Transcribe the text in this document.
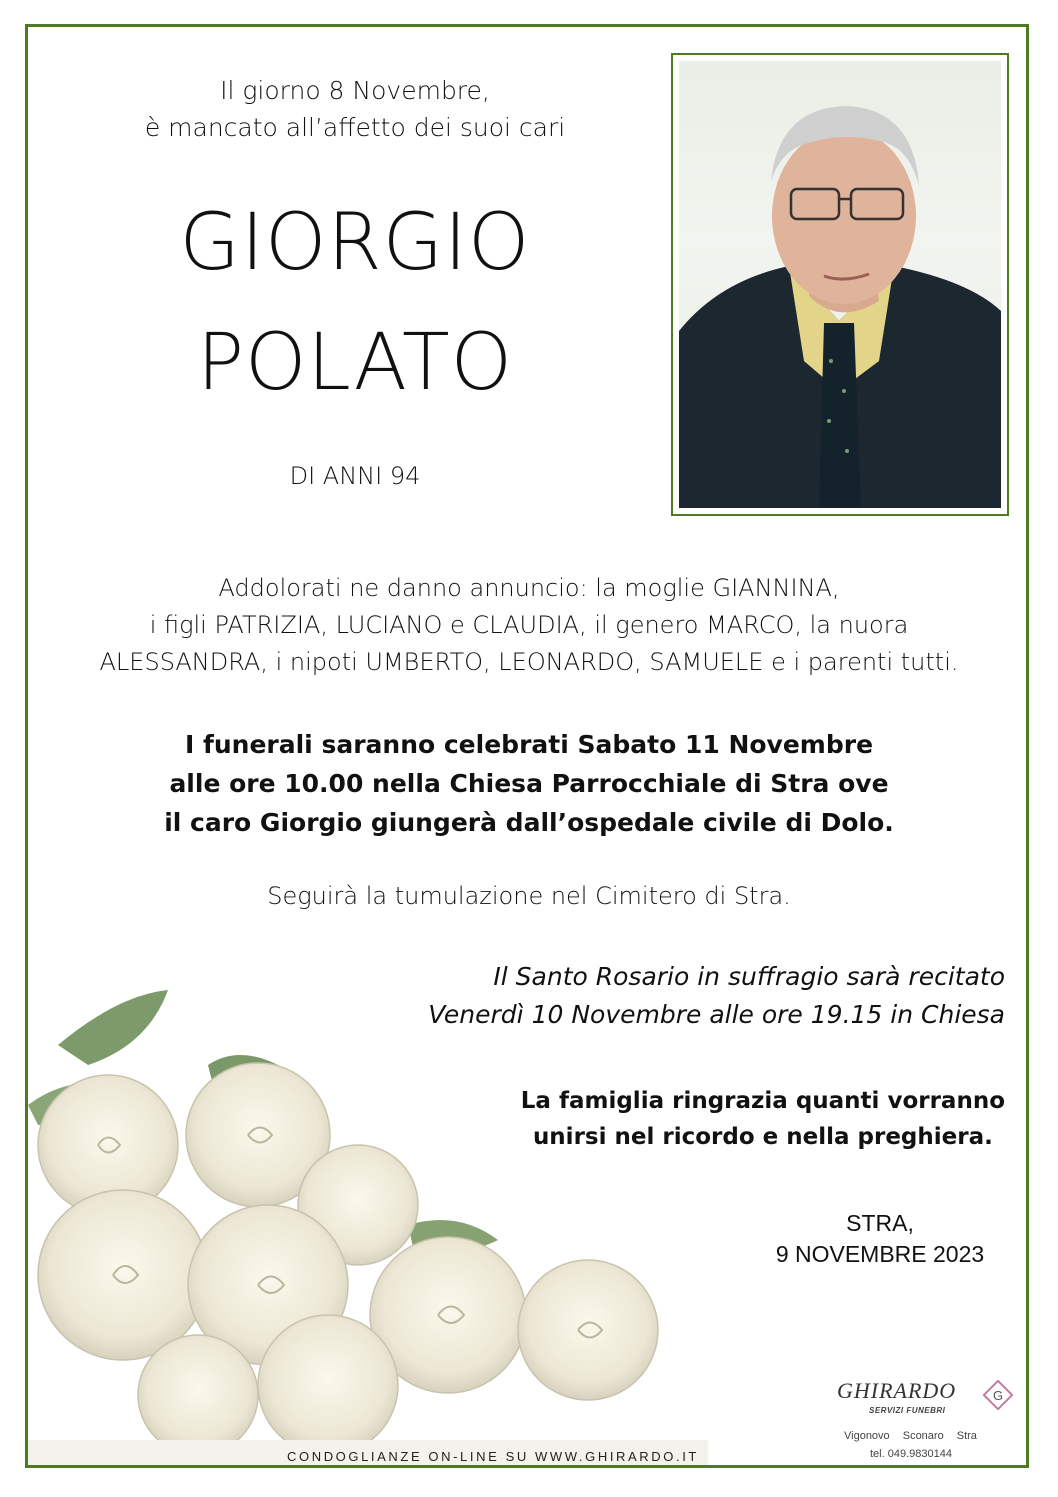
Il giorno 8 Novembre,
è mancato all’affetto dei suoi cari
GIORGIO
POLATO
DI ANNI 94
Addolorati ne danno annuncio: la moglie GIANNINA,
i figli PATRIZIA, LUCIANO e CLAUDIA, il genero MARCO, la nuora
ALESSANDRA, i nipoti UMBERTO, LEONARDO, SAMUELE e i parenti tutti.
I funerali saranno celebrati Sabato 11 Novembre
alle ore 10.00 nella Chiesa Parrocchiale di Stra ove
il caro Giorgio giungerà dall’ospedale civile di Dolo.
Seguirà la tumulazione nel Cimitero di Stra.
Il Santo Rosario in suffragio sarà recitato
Venerdì 10 Novembre alle ore 19.15 in Chiesa
La famiglia ringrazia quanti vorranno
unirsi nel ricordo e nella preghiera.
STRA,
9 NOVEMBRE 2023
CONDOGLIANZE ON-LINE SU WWW.GHIRARDO.IT
GHIRARDO
SERVIZI FUNEBRI
G
Vigonovo Sconaro Stra
tel. 049.9830144
